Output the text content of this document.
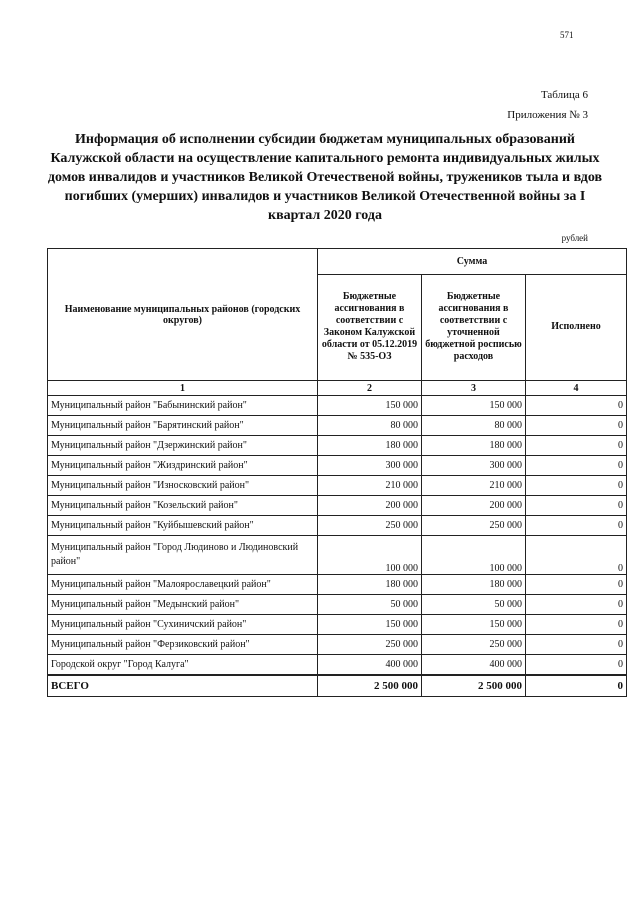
571
Таблица 6
Приложения № 3
Информация об исполнении субсидии бюджетам муниципальных образований Калужской области на осуществление капитального ремонта индивидуальных жилых домов инвалидов и участников Великой Отечественой войны, тружеников тыла и вдов погибших (умерших) инвалидов и участников Великой Отечественной войны за I квартал 2020 года
рублей
Наименование муниципальных районов (городских округов)	Сумма		
	Бюджетные ассигнования в соответствии с Законом Калужской области от 05.12.2019 № 535-ОЗ	Бюджетные ассигнования в соответствии с уточненной бюджетной росписью расходов	Исполнено
1	2	3	4
Муниципальный район "Бабынинский район"	150 000	150 000	0
Муниципальный район "Барятинский район"	80 000	80 000	0
Муниципальный район "Дзержинский район"	180 000	180 000	0
Муниципальный район "Жиздринский район"	300 000	300 000	0
Муниципальный район "Износковский район"	210 000	210 000	0
Муниципальный район "Козельский район"	200 000	200 000	0
Муниципальный район "Куйбышевский район"	250 000	250 000	0
Муниципальный район "Город Людиново и Людиновский район"	100 000	100 000	0
Муниципальный район "Малоярославецкий район"	180 000	180 000	0
Муниципальный район "Медынский район"	50 000	50 000	0
Муниципальный район "Сухиничский район"	150 000	150 000	0
Муниципальный район "Ферзиковский район"	250 000	250 000	0
Городской округ "Город Калуга"	400 000	400 000	0
ВСЕГО	2 500 000	2 500 000	0
